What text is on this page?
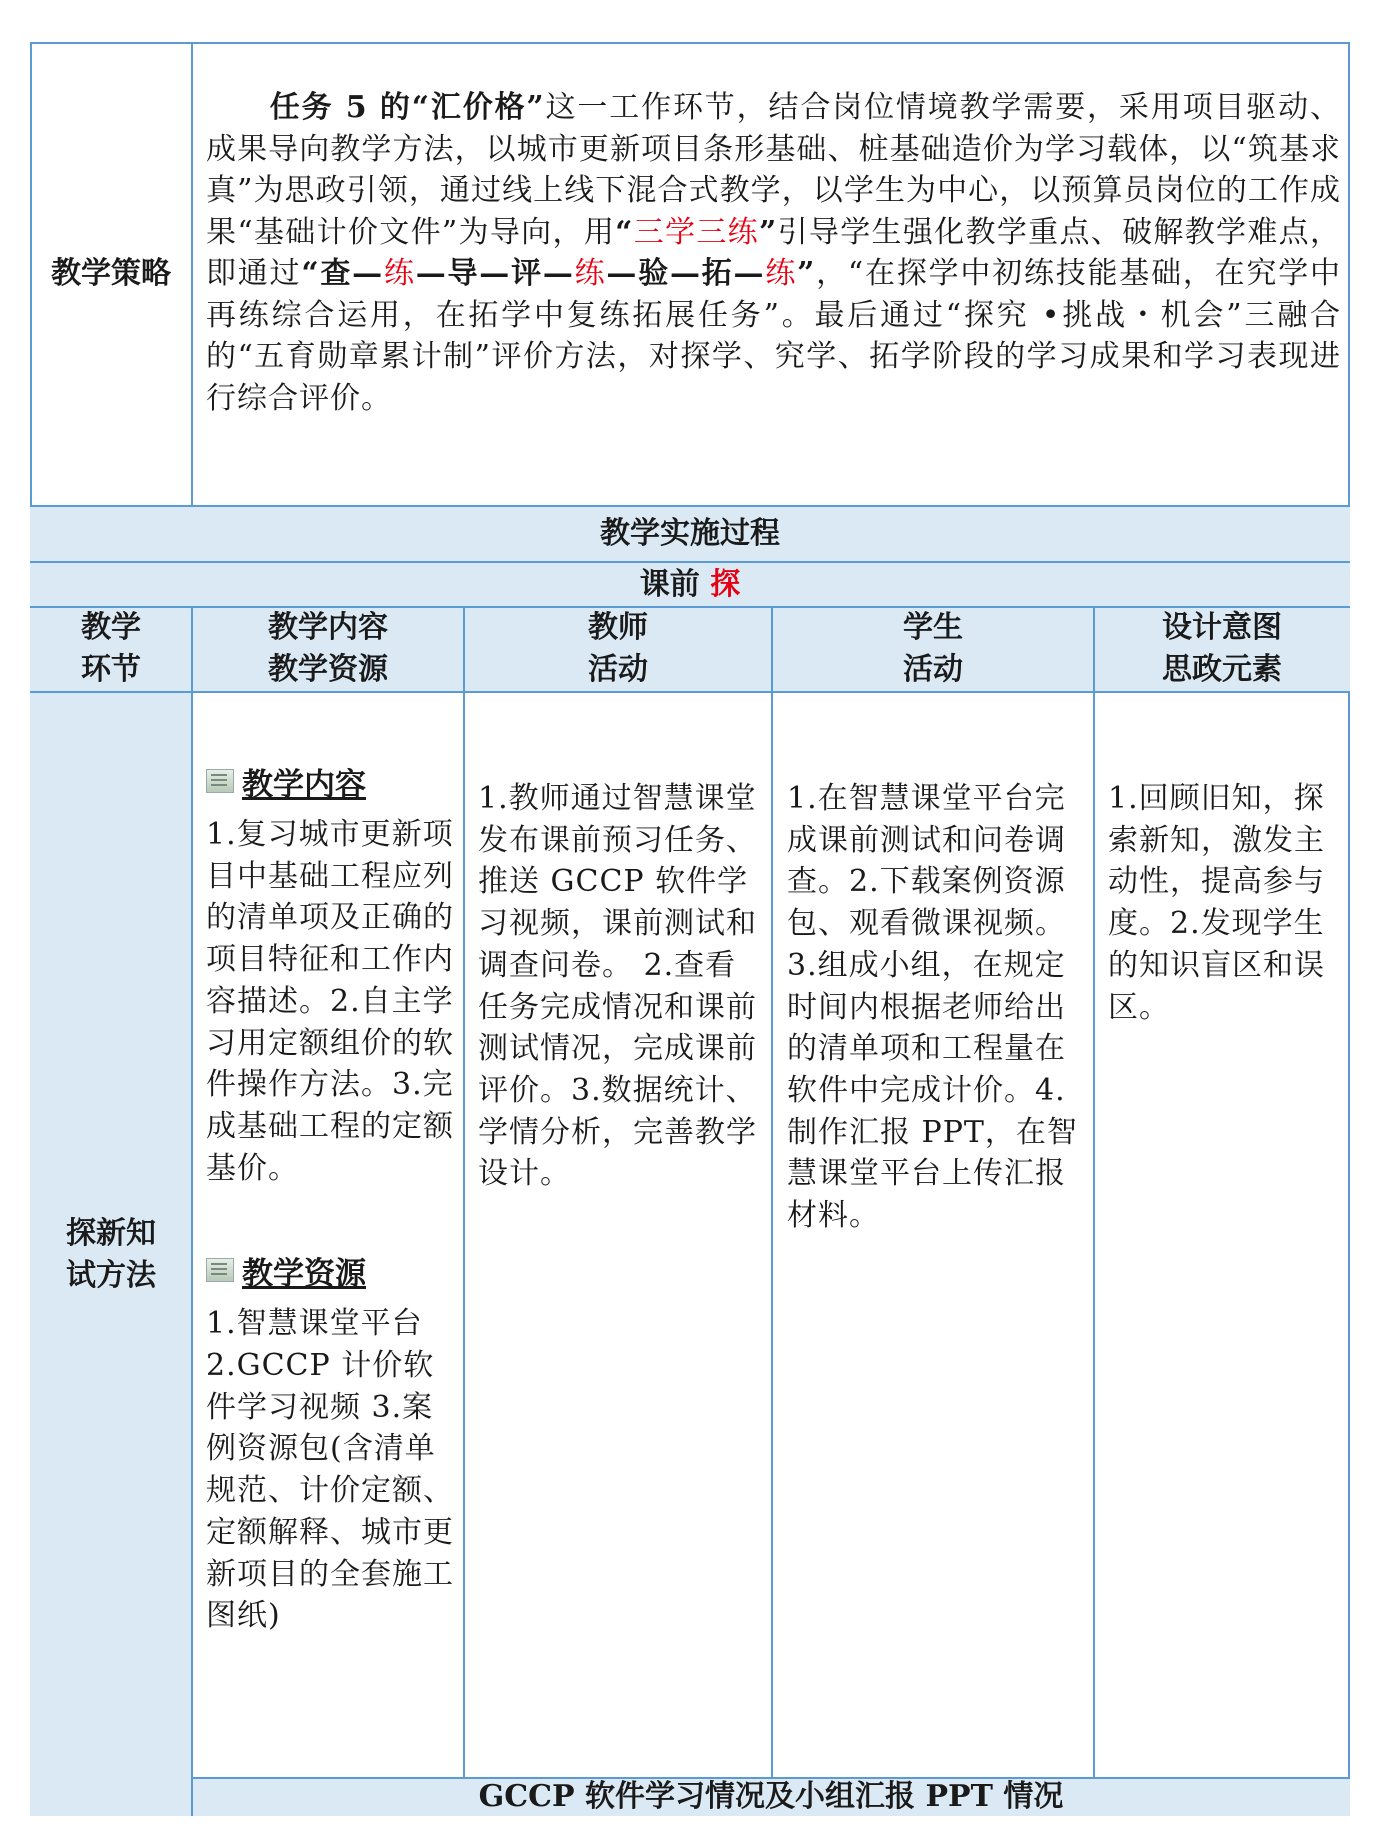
教学策略
　　任务 5 的“汇价格”这一工作环节，结合岗位情境教学需要，采用项目驱动、成果导向教学方法，以城市更新项目条形基础、桩基础造价为学习载体，以“筑基求真”为思政引领，通过线上线下混合式教学，以学生为中心，以预算员岗位的工作成果“基础计价文件”为导向，用“三学三练”引导学生强化教学重点、破解教学难点，即通过“查—练—导—评—练—验—拓—练”，“在探学中初练技能基础，在究学中再练综合运用，在拓学中复练拓展任务”。最后通过“探究 •挑战・机会”三融合的“五育勋章累计制”评价方法，对探学、究学、拓学阶段的学习成果和学习表现进行综合评价。
教学实施过程
课前 探
教学
环节
教学内容
教学资源
教师
活动
学生
活动
设计意图
思政元素
探新知
试方法
教学内容

1.复习城市更新项目中基础工程应列的清单项及正确的项目特征和工作内容描述。2.自主学习用定额组价的软件操作方法。3.完成基础工程的定额基价。

教学资源

1.智慧课堂平台 2.GCCP 计价软件学习视频 3.案例资源包(含清单规范、计价定额、定额解释、城市更新项目的全套施工图纸)

1.教师通过智慧课堂发布课前预习任务、推送 GCCP 软件学习视频，课前测试和调查问卷。 2.查看任务完成情况和课前测试情况，完成课前评价。3.数据统计、学情分析，完善教学设计。

1.在智慧课堂平台完成课前测试和问卷调查。2.下载案例资源包、观看微课视频。3.组成小组，在规定时间内根据老师给出的清单项和工程量在软件中完成计价。4.制作汇报 PPT，在智慧课堂平台上传汇报材料。

1.回顾旧知，探索新知，激发主动性，提高参与度。2.发现学生的知识盲区和误区。

GCCP 软件学习情况及小组汇报 PPT 情况
